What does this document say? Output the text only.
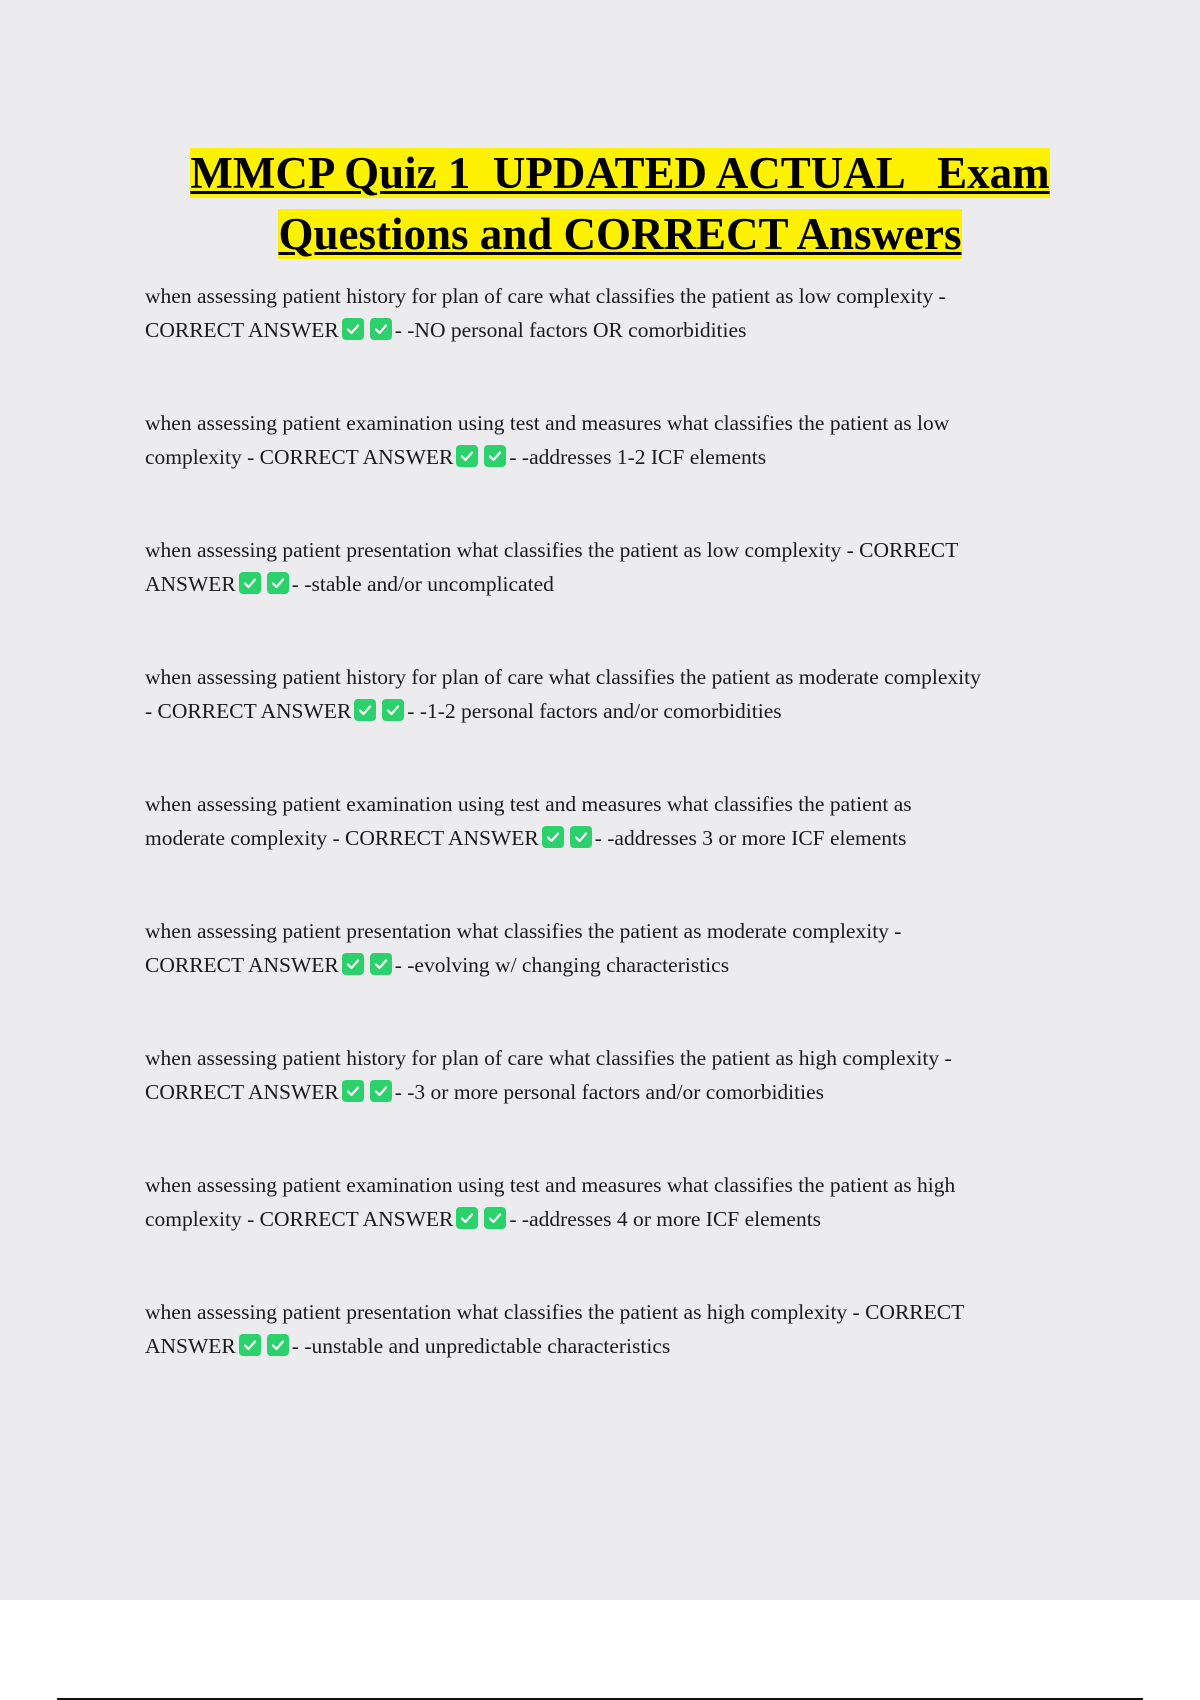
MMCP Quiz 1  UPDATED ACTUAL   Exam
Questions and CORRECT Answers
when assessing patient history for plan of care what classifies the patient as low complexity -
CORRECT ANSWER	- -NO personal factors OR comorbidities
when assessing patient examination using test and measures what classifies the patient as low
complexity - CORRECT ANSWER	- -addresses 1-2 ICF elements
when assessing patient presentation what classifies the patient as low complexity - CORRECT
ANSWER	- -stable and/or uncomplicated
when assessing patient history for plan of care what classifies the patient as moderate complexity
- CORRECT ANSWER	- -1-2 personal factors and/or comorbidities
when assessing patient examination using test and measures what classifies the patient as
moderate complexity - CORRECT ANSWER	- -addresses 3 or more ICF elements
when assessing patient presentation what classifies the patient as moderate complexity -
CORRECT ANSWER	- -evolving w/ changing characteristics
when assessing patient history for plan of care what classifies the patient as high complexity -
CORRECT ANSWER	- -3 or more personal factors and/or comorbidities
when assessing patient examination using test and measures what classifies the patient as high
complexity - CORRECT ANSWER	- -addresses 4 or more ICF elements
when assessing patient presentation what classifies the patient as high complexity - CORRECT
ANSWER	- -unstable and unpredictable characteristics
